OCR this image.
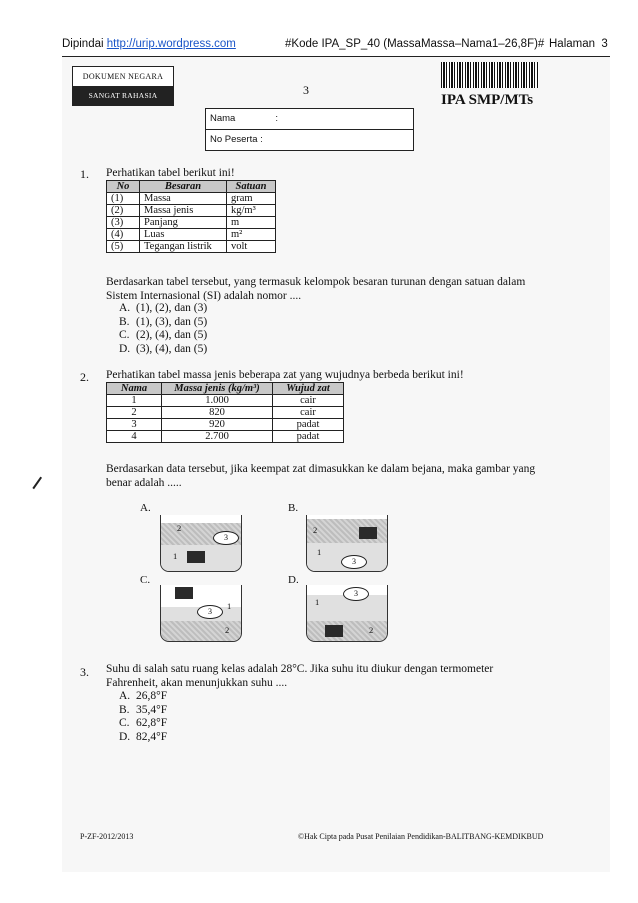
Dipindai http://urip.wordpress.com	#Kode IPA_SP_40 (MassaMassa–Nama1–26,8F)# Halaman 3
DOKUMEN NEGARA
SANGAT RAHASIA	3
IPA SMP/MTs
Nama	:
No Peserta :
1. Perhatikan tabel berikut ini!
No	Besaran	Satuan
(1)	Massa	gram
(2)	Massa jenis	kg/m³
(3)	Panjang	m
(4)	Luas	m²
(5)	Tegangan listrik	volt
Berdasarkan tabel tersebut, yang termasuk kelompok besaran turunan dengan satuan dalam Sistem Internasional (SI) adalah nomor ....
A. (1), (2), dan (3)
B. (1), (3), dan (5)
C. (2), (4), dan (5)
D. (3), (4), dan (5)
2. Perhatikan tabel massa jenis beberapa zat yang wujudnya berbeda berikut ini!
Nama	Massa jenis (kg/m³)	Wujud zat
1	1.000	cair
2	820	cair
3	920	padat
4	2.700	padat
Berdasarkan data tersebut, jika keempat zat dimasukkan ke dalam bejana, maka gambar yang benar adalah .....
A.
3
2
1
B.
3
2
1
C.
3
1
2
D.
3
1
2
3. Suhu di salah satu ruang kelas adalah 28°C. Jika suhu itu diukur dengan termometer Fahrenheit, akan menunjukkan suhu ....
A. 26,8°F
B. 35,4°F
C. 62,8°F
D. 82,4°F
P-ZF-2012/2013	©Hak Cipta pada Pusat Penilaian Pendidikan-BALITBANG-KEMDIKBUD
